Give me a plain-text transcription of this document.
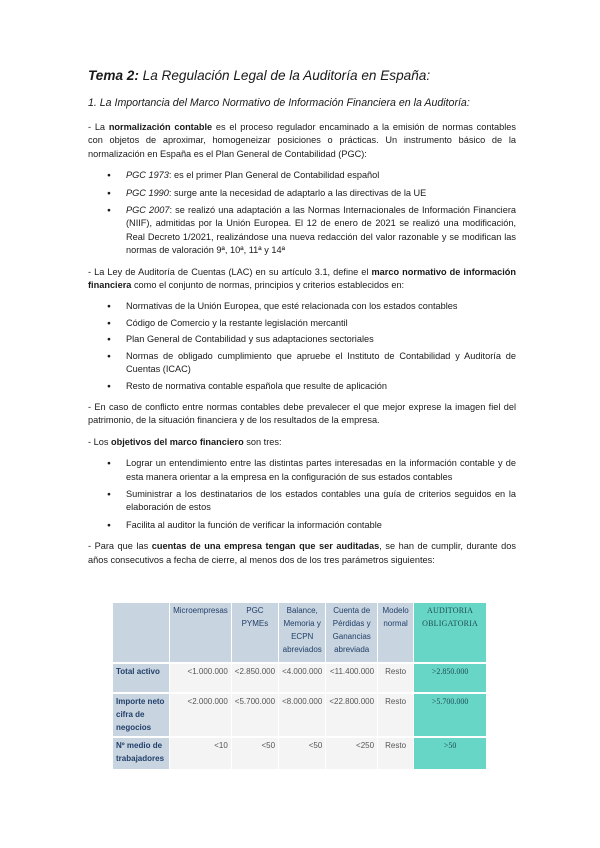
Tema 2: La Regulación Legal de la Auditoría en España:
1. La Importancia del Marco Normativo de Información Financiera en la Auditoría:

- La normalización contable es el proceso regulador encaminado a la emisión de normas contables con objetos de aproximar, homogeneizar posiciones o prácticas. Un instrumento básico de la normalización en España es el Plan General de Contabilidad (PGC):

● PGC 1973: es el primer Plan General de Contabilidad español
● PGC 1990: surge ante la necesidad de adaptarlo a las directivas de la UE
● PGC 2007: se realizó una adaptación a las Normas Internacionales de Información Financiera (NIIF), admitidas por la Unión Europea. El 12 de enero de 2021 se realizó una modificación, Real Decreto 1/2021, realizándose una nueva redacción del valor razonable y se modifican las normas de valoración 9ª, 10ª, 11ª y 14ª

- La Ley de Auditoría de Cuentas (LAC) en su artículo 3.1, define el marco normativo de información financiera como el conjunto de normas, principios y criterios establecidos en:

● Normativas de la Unión Europea, que esté relacionada con los estados contables
● Código de Comercio y la restante legislación mercantil
● Plan General de Contabilidad y sus adaptaciones sectoriales
● Normas de obligado cumplimiento que apruebe el Instituto de Contabilidad y Auditoría de Cuentas (ICAC)
● Resto de normativa contable española que resulte de aplicación

- En caso de conflicto entre normas contables debe prevalecer el que mejor exprese la imagen fiel del patrimonio, de la situación financiera y de los resultados de la empresa.

- Los objetivos del marco financiero son tres:

● Lograr un entendimiento entre las distintas partes interesadas en la información contable y de esta manera orientar a la empresa en la configuración de sus estados contables
● Suministrar a los destinatarios de los estados contables una guía de criterios seguidos en la elaboración de estos
● Facilita al auditor la función de verificar la información contable

- Para que las cuentas de una empresa tengan que ser auditadas, se han de cumplir, durante dos años consecutivos a fecha de cierre, al menos dos de los tres parámetros siguientes:

	Microempresas	PGC PYMEs	Balance, Memoria y ECPN abreviados	Cuenta de Pérdidas y Ganancias abreviada	Modelo normal	AUDITORIA OBLIGATORIA
Total activo	<1.000.000	<2.850.000	<4.000.000	<11.400.000	Resto	>2.850.000
Importe neto cifra de negocios	<2.000.000	<5.700.000	<8.000.000	<22.800.000	Resto	>5.700.000
Nº medio de trabajadores	<10	<50	<50	<250	Resto	>50
